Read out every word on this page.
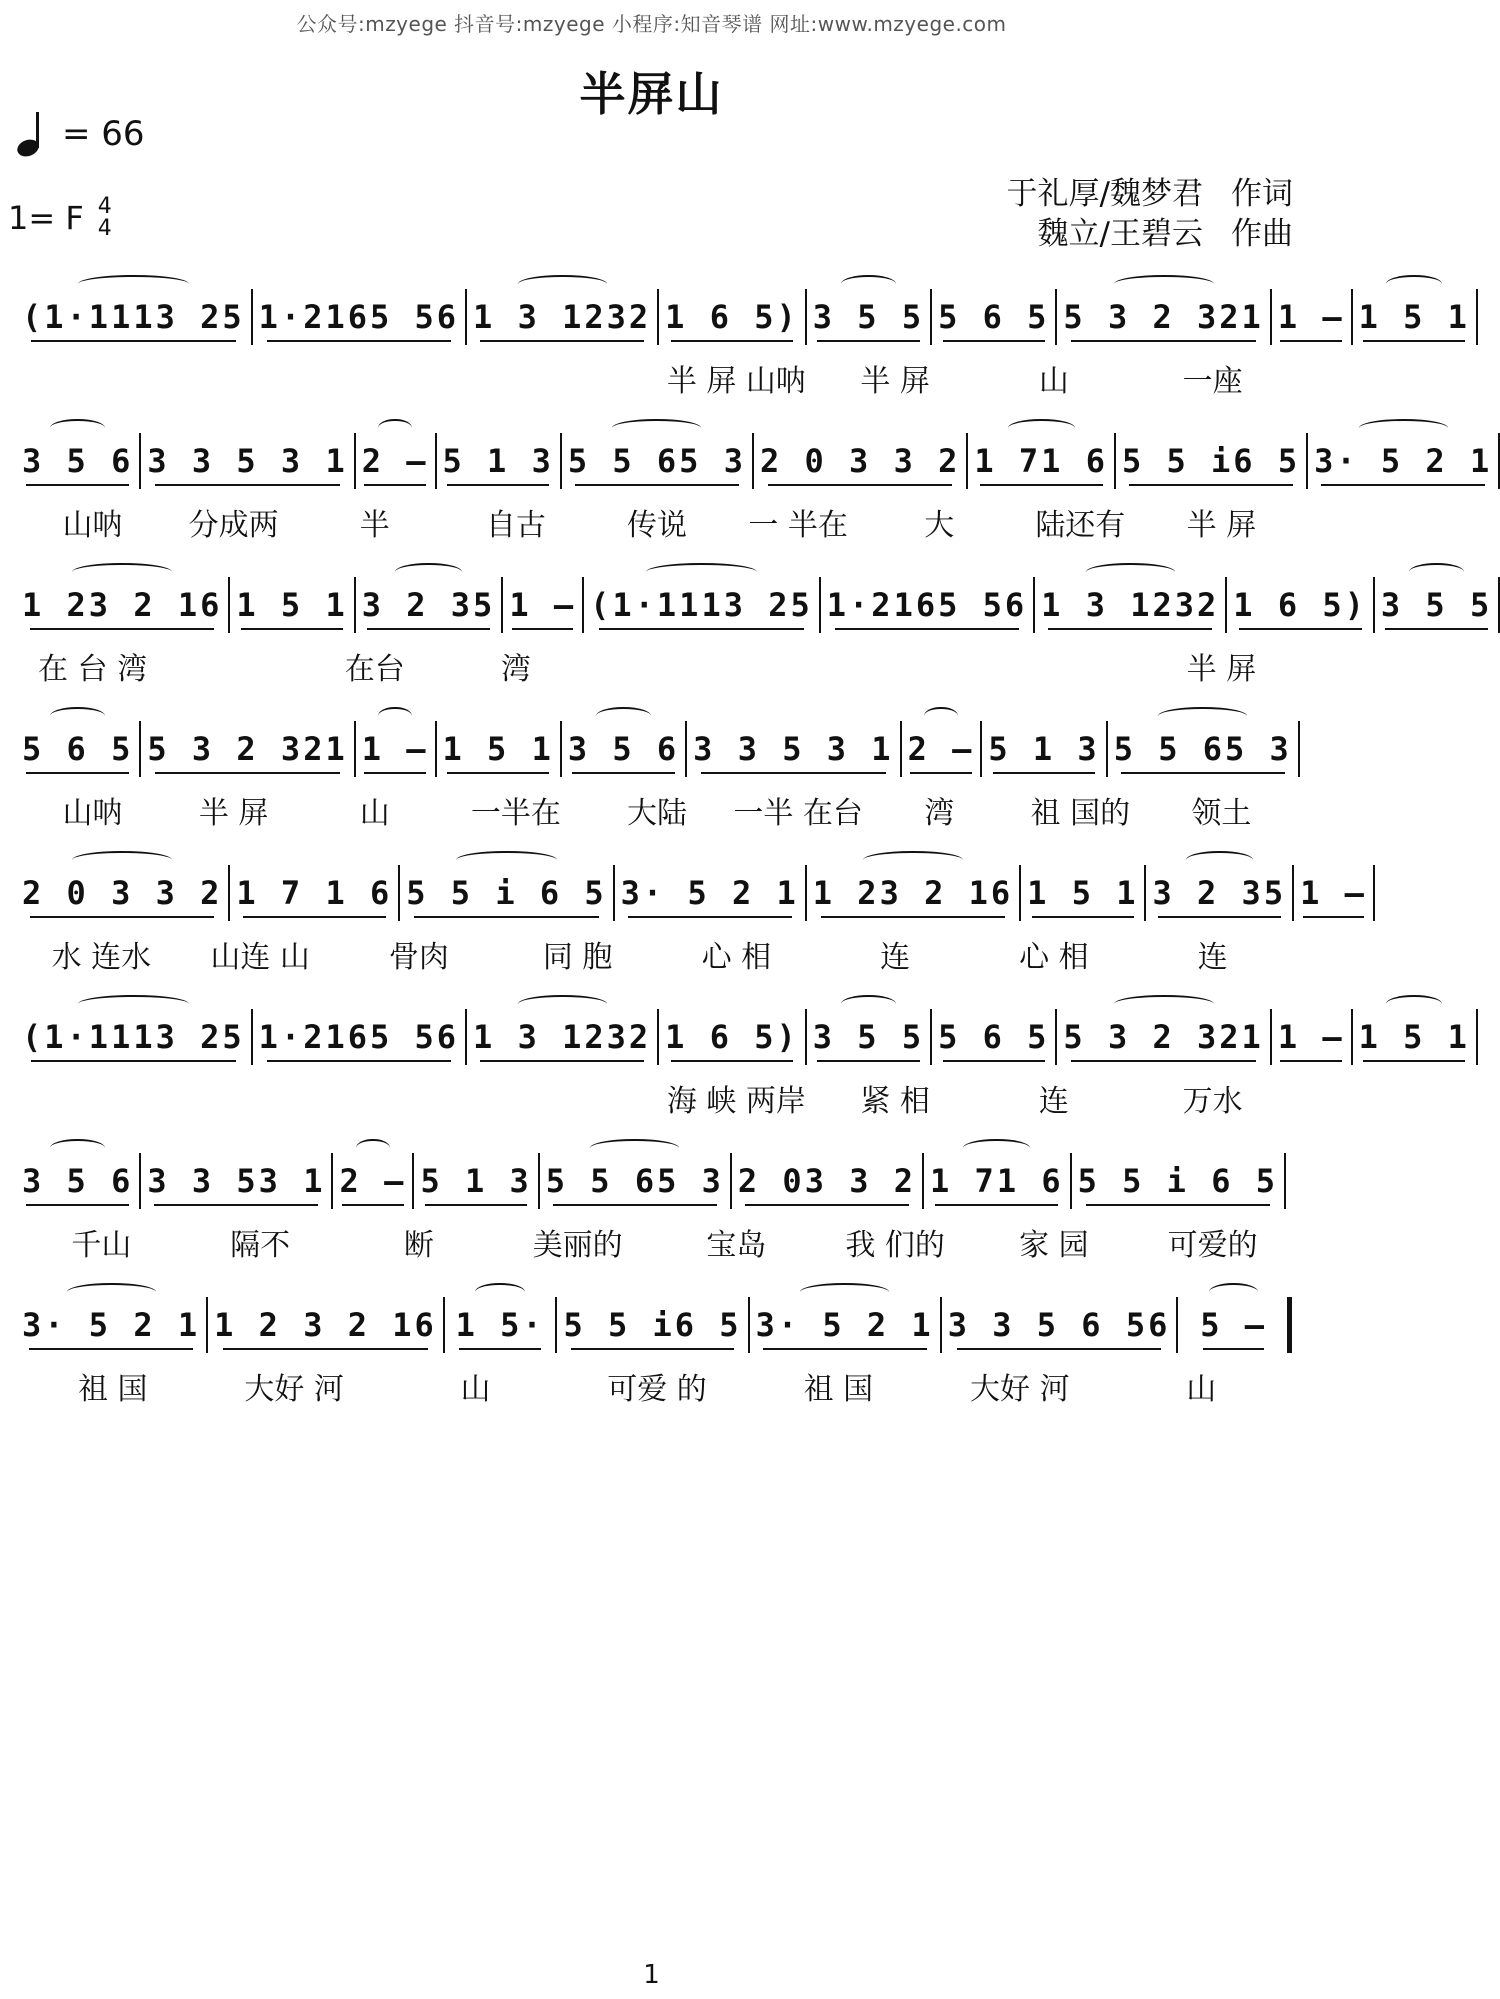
公众号:mzyege 抖音号:mzyege 小程序:知音琴谱 网址:www.mzyege.com
半屏山
= 66
1= F 4
4
于礼厚/魏梦君 作词
魏立/王碧云 作曲
(1·1113 25 1·2165 56 1 3 1232 1 6 5) 3 5 5 5 6 5 5 3 2 321 1 – 1 5 1
半 屏 山呐	半 屏	山	一座
3 5 6 3 3 5 3 1 2 – 5 1 3 5 5 65 3 2 0 3 3 2 1 71 6 5 5 i6 5 3· 5 2 1
山呐	分成两	半	自古	传说	一 半在	大	陆还有	半 屏
1 23 2 16 1 5 1 3 2 35 1 – (1·1113 25 1·2165 56 1 3 1232 1 6 5) 3 5 5
在 台 湾	在台	湾	半 屏
5 6 5 5 3 2 321 1 – 1 5 1 3 5 6 3 3 5 3 1 2 – 5 1 3 5 5 65 3
山呐	半 屏	山	一半在	大陆	一半 在台	湾	祖 国的	领土
2 0 3 3 2 1 7 1 6 5 5 i 6 5 3· 5 2 1 1 23 2 16 1 5 1 3 2 35 1 –
水 连水	山连 山	骨肉	同 胞	心 相	连	心 相	连
(1·1113 25 1·2165 56 1 3 1232 1 6 5) 3 5 5 5 6 5 5 3 2 321 1 – 1 5 1
海 峡 两岸	紧 相	连	万水
3 5 6 3 3 53 1 2 – 5 1 3 5 5 65 3 2 03 3 2 1 71 6 5 5 i 6 5
千山	隔不	断	美丽的	宝岛	我 们的	家 园	可爱的
3· 5 2 1 1 2 3 2 16 1 5· 5 5 i6 5 3· 5 2 1 3 3 5 6 56 5 –
祖 国	大好 河	山	可爱 的	祖 国	大好 河	山
1
